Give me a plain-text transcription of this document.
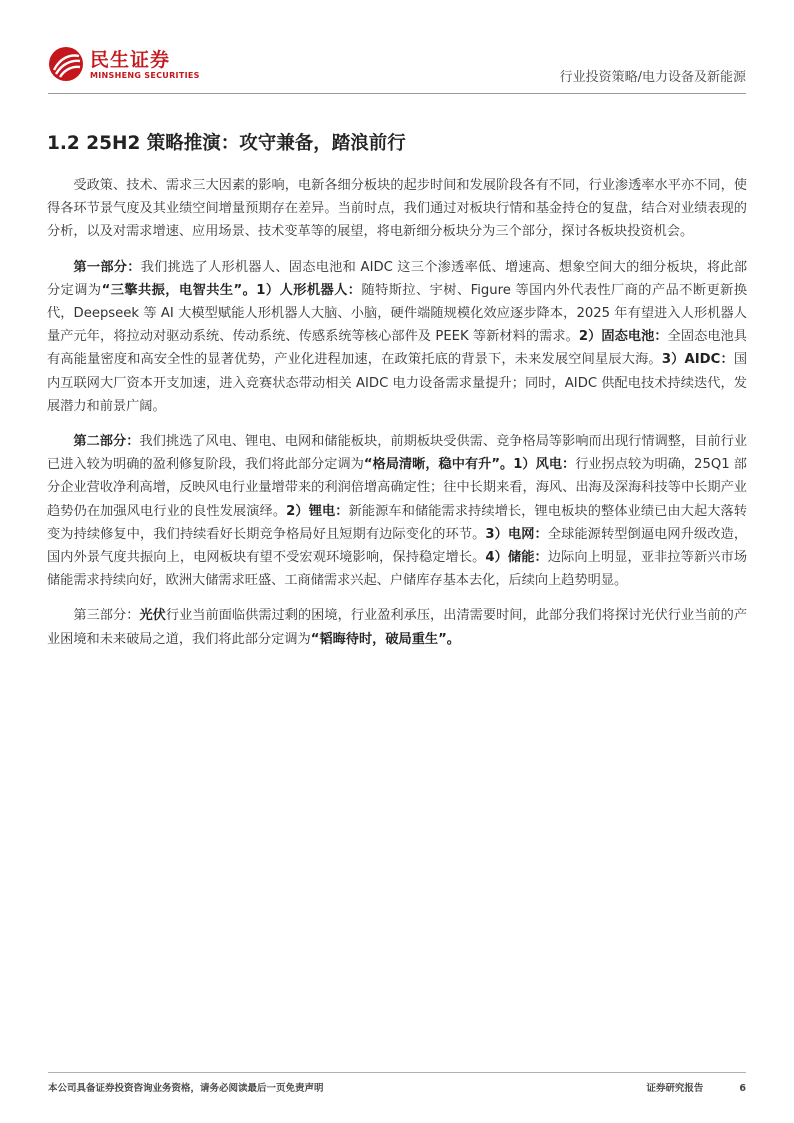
民生证券
MINSHENG SECURITIES	行业投资策略/电力设备及新能源
1.2 25H2 策略推演：攻守兼备，踏浪前行

受政策、技术、需求三大因素的影响，电新各细分板块的起步时间和发展阶段各有不同，行业渗透率水平亦不同，使得各环节景气度及其业绩空间增量预期存在差异。当前时点，我们通过对板块行情和基金持仓的复盘，结合对业绩表现的分析，以及对需求增速、应用场景、技术变革等的展望，将电新细分板块分为三个部分，探讨各板块投资机会。

第一部分：我们挑选了人形机器人、固态电池和 AIDC 这三个渗透率低、增速高、想象空间大的细分板块，将此部分定调为“三擎共振，电智共生”。1）人形机器人：随特斯拉、宇树、Figure 等国内外代表性厂商的产品不断更新换代，Deepseek 等 AI 大模型赋能人形机器人大脑、小脑，硬件端随规模化效应逐步降本，2025 年有望进入人形机器人量产元年，将拉动对驱动系统、传动系统、传感系统等核心部件及 PEEK 等新材料的需求。2）固态电池：全固态电池具有高能量密度和高安全性的显著优势，产业化进程加速，在政策托底的背景下，未来发展空间星辰大海。3）AIDC：国内互联网大厂资本开支加速，进入竞赛状态带动相关 AIDC 电力设备需求量提升；同时，AIDC 供配电技术持续迭代，发展潜力和前景广阔。

第二部分：我们挑选了风电、锂电、电网和储能板块，前期板块受供需、竞争格局等影响而出现行情调整，目前行业已进入较为明确的盈利修复阶段，我们将此部分定调为“格局清晰，稳中有升”。1）风电：行业拐点较为明确，25Q1 部分企业营收净利高增，反映风电行业量增带来的利润倍增高确定性；往中长期来看，海风、出海及深海科技等中长期产业趋势仍在加强风电行业的良性发展演绎。2）锂电：新能源车和储能需求持续增长，锂电板块的整体业绩已由大起大落转变为持续修复中，我们持续看好长期竞争格局好且短期有边际变化的环节。3）电网：全球能源转型倒逼电网升级改造，国内外景气度共振向上，电网板块有望不受宏观环境影响，保持稳定增长。4）储能：边际向上明显，亚非拉等新兴市场储能需求持续向好，欧洲大储需求旺盛、工商储需求兴起、户储库存基本去化，后续向上趋势明显。

第三部分：光伏行业当前面临供需过剩的困境，行业盈利承压，出清需要时间，此部分我们将探讨光伏行业当前的产业困境和未来破局之道，我们将此部分定调为“韬晦待时，破局重生”。

本公司具备证券投资咨询业务资格，请务必阅读最后一页免责声明	证券研究报告	6
